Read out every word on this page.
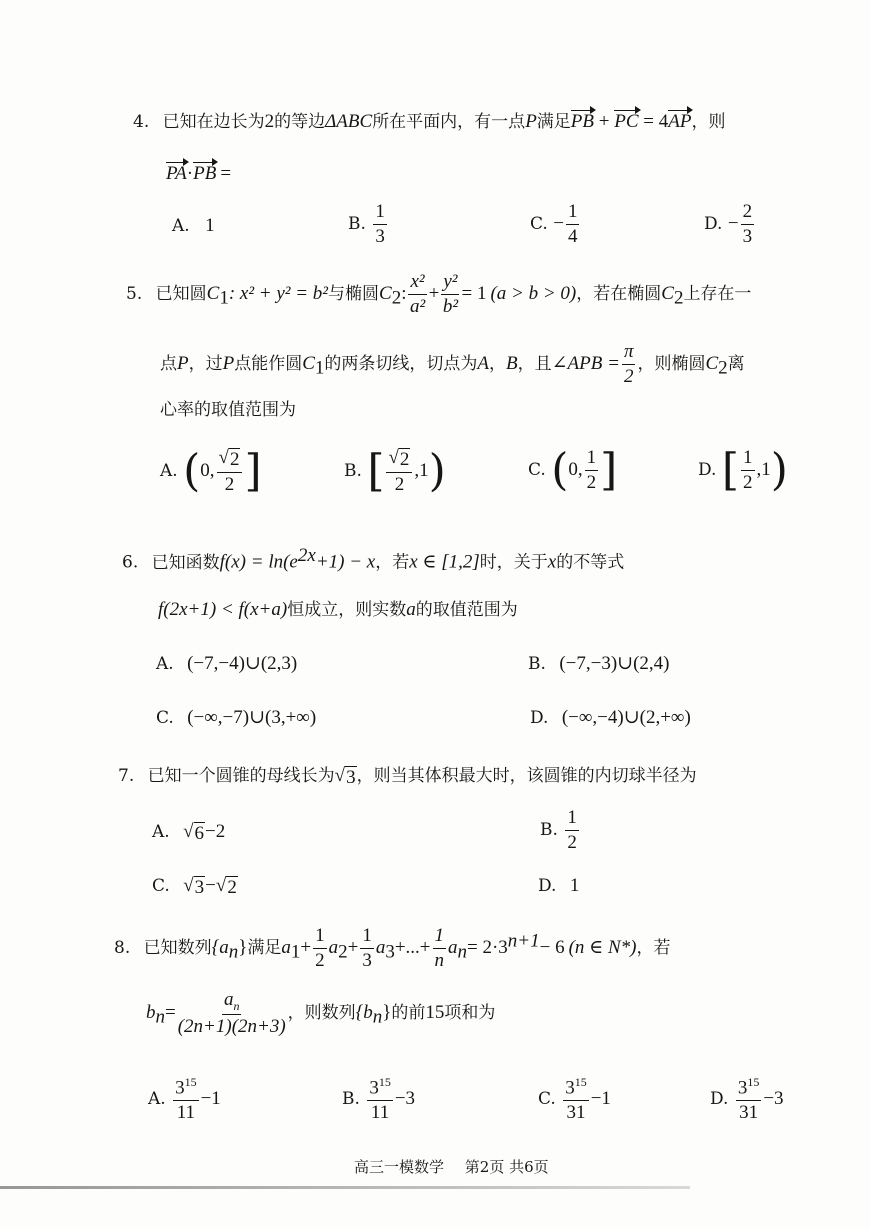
4. 已知在边长为2的等边ΔABC所在平面内，有一点P满足PB + PC = 4AP，则
PA·PB =
A. 1	B. $\frac{1}{3}$	C. − $\frac{1}{4}$	D. − $\frac{2}{3}$
5. 已知圆$C_1$: x² + y² = b²与椭圆$C_2$: $\frac{\text{x²}}{\text{a²}} + \frac{\text{y²}}{\text{b²}} = 1$ (a > b > 0)，若在椭圆$C_2$上存在一
点P，过P点能作圆$C_1$的两条切线，切点为A，B，且∠APB = $\frac{\pi}{2}$ ，则椭圆$C_2$离
心率的取值范围为
A. (0, $\frac{√ 2}{2}$ ]	B. [ $\frac{√ 2}{2} ,1$)	C. (0, $\frac{1}{2}$ ]	D. [ $\frac{1}{2} ,1$)
6. 已知函数$f(x) = \ln(e^{2x}+1) - x$，若x ∈ [1,2]时，关于x的不等式
f(2x+1) < f(x+a)恒成立，则实数a的取值范围为
A. (−7,−4)∪(2,3)	B. (−7,−3)∪(2,4)
C. (−∞,−7)∪(3,+∞)	D. (−∞,−4)∪(2,+∞)
7. 已知一个圆锥的母线长为 √ 3 ，则当其体积最大时，该圆锥的内切球半径为
A. √ 6 −2	B. $\frac{1}{2}$
C. √ 3 − √ 2	D. 1
8. 已知数列$\{a_n\}$满足$a_1+ \frac{1}{2} a_2+ \frac{1}{3} a_3+...+ \frac{1}{n} a_n= 2\cdot 3^{n+1}- 6$ (n ∈ N*)，若
$b_n= \frac{a_n}{(2n+1)(2n+3)}$ ，则数列$\{b_n\}$的前15项和为
A. $\frac{3^{15}}{11} -1$	B. $\frac{3^{15}}{11} -3$	C. $\frac{3^{15}}{31} -1$	D. $\frac{3^{15}}{31} -3$
高三一模数学 第2页 共6页
